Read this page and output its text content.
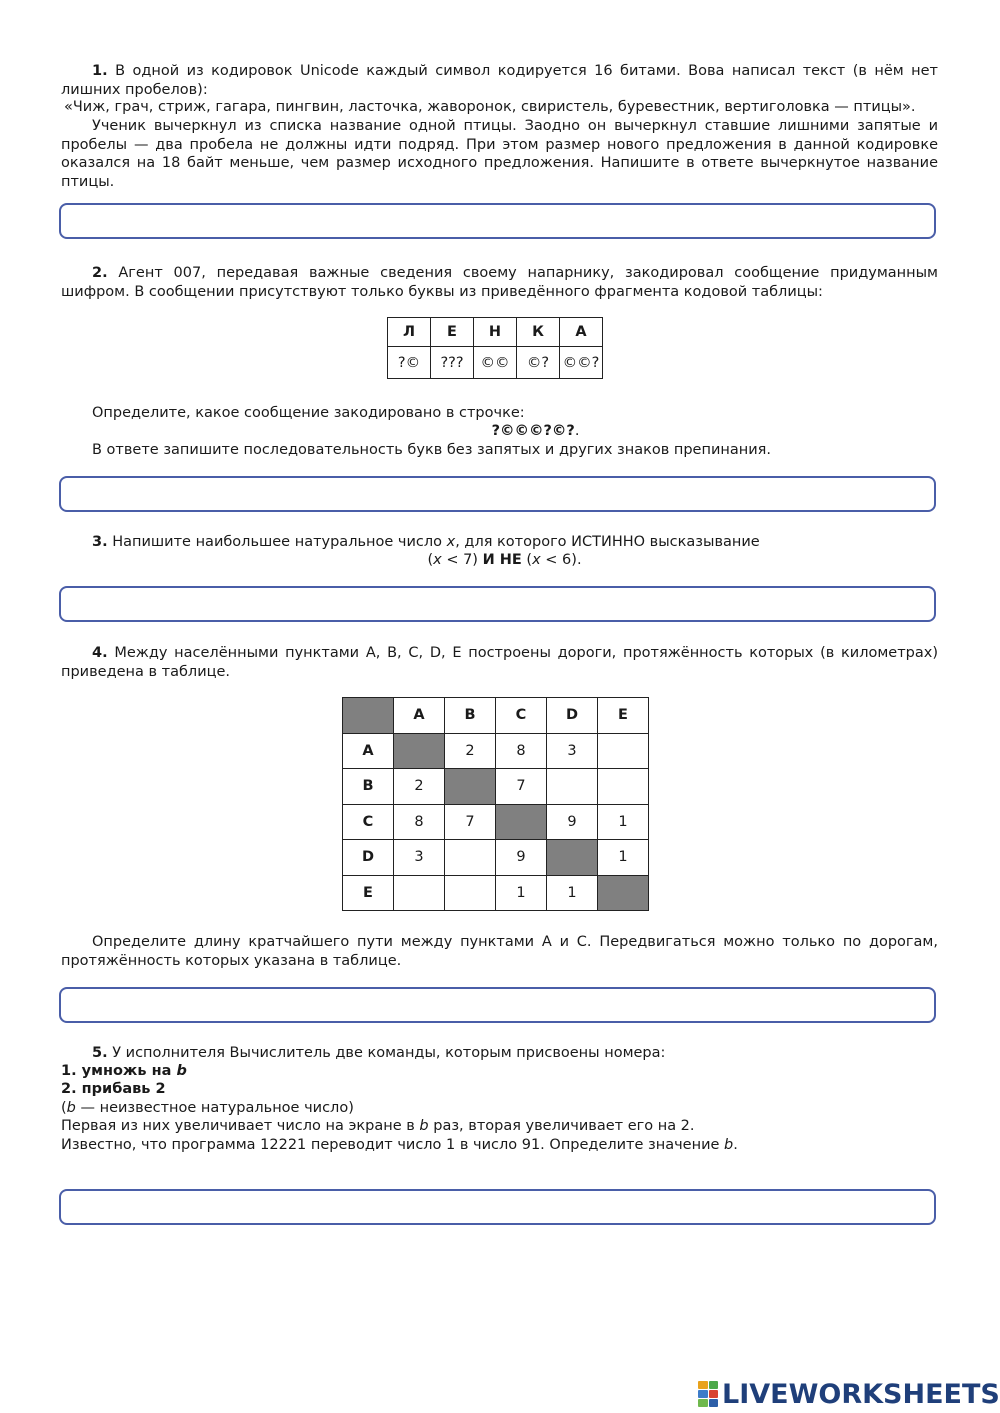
1. В одной из кодировок Unicode каждый символ кодируется 16 битами. Вова написал текст (в нём нет лишних пробелов):
«Чиж, грач, стриж, гагара, пингвин, ласточка, жаворонок, свиристель, буревестник, вертиголовка — птицы».
Ученик вычеркнул из списка название одной птицы. Заодно он вычеркнул ставшие лишними запятые и пробелы — два пробела не должны идти подряд. При этом размер нового предложения в данной кодировке оказался на 18 байт меньше, чем размер исходного предложения. Напишите в ответе вычеркнутое название птицы.
2. Агент 007, передавая важные сведения своему напарнику, закодировал сообщение придуманным шифром. В сообщении присутствуют только буквы из приведённого фрагмента кодовой таблицы:
Л	Е	Н	К	А
?©	???	©©	©?	©©?
Определите, какое сообщение закодировано в строчке:
?©©©?©?.
В ответе запишите последовательность букв без запятых и других знаков препинания.
3. Напишите наибольшее натуральное число x, для которого ИСТИННО высказывание
(x < 7) И НЕ (x < 6).
4. Между населёнными пунктами A, B, C, D, E построены дороги, протяжённость которых (в километрах) приведена в таблице.
	A	B	C	D	E
A		2	8	3	
B	2		7		
C	8	7		9	1
D	3		9		1
E			1	1	
Определите длину кратчайшего пути между пунктами A и C. Передвигаться можно только по дорогам, протяжённость которых указана в таблице.
5. У исполнителя Вычислитель две команды, которым присвоены номера:
1. умножь на b
2. прибавь 2
(b — неизвестное натуральное число)
Первая из них увеличивает число на экране в b раз, вторая увеличивает его на 2.
Известно, что программа 12221 переводит число 1 в число 91. Определите значение b.
LIVEWORKSHEETS
